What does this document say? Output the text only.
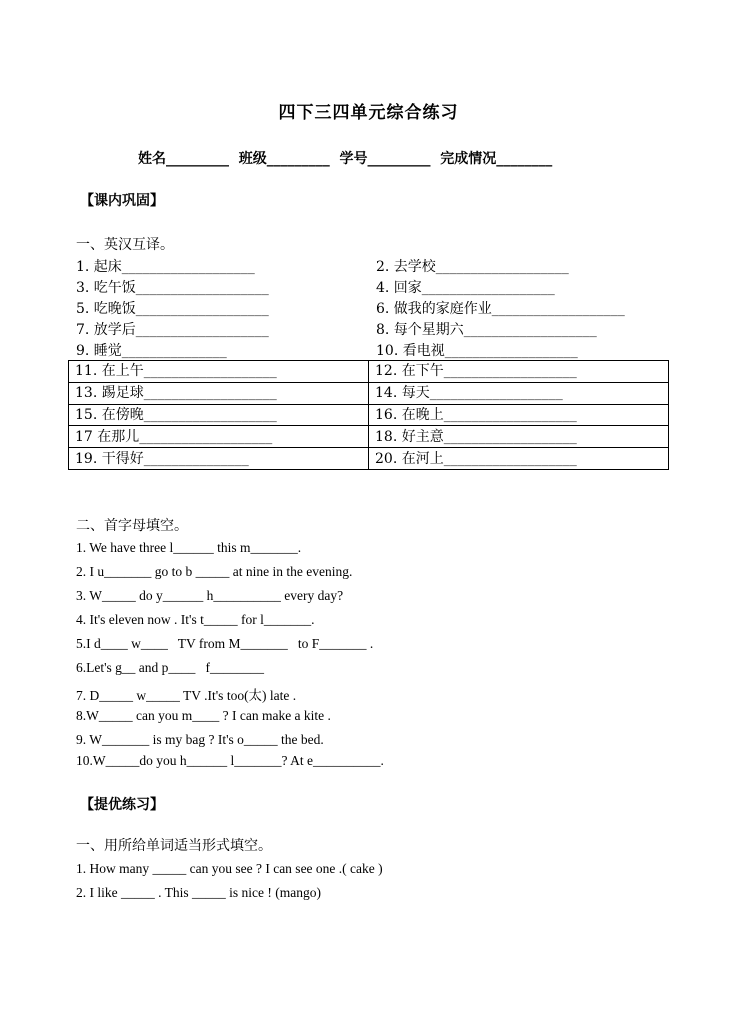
四下三四单元综合练习
姓名_________  班级_________  学号_________  完成情况________
【课内巩固】
一、英汉互译。
1. 起床___________________	2. 去学校___________________
3. 吃午饭___________________	4. 回家___________________
5. 吃晚饭___________________	6. 做我的家庭作业___________________
7. 放学后___________________	8. 每个星期六___________________
9. 睡觉_______________	10. 看电视___________________
11. 在上午___________________	12. 在下午___________________
13. 踢足球___________________	14. 每天___________________
15. 在傍晚___________________	16. 在晚上___________________
17 在那儿___________________	18. 好主意___________________
19. 干得好_______________	20. 在河上___________________
二、首字母填空。
1. We have three l______ this m_______.
2. I u_______ go to b _____ at nine in the evening.
3. W_____ do y______ h__________ every day?
4. It's eleven now . It's t_____ for l_______.
5.I d____ w____   TV from M_______   to F_______ .
6.Let's g__ and p____   f________
7. D_____ w_____ TV .It's too(太) late .
8.W_____ can you m____ ? I can make a kite .
9. W_______ is my bag ? It's o_____ the bed.
10.W_____do you h______ l_______? At e__________.
【提优练习】
一、用所给单词适当形式填空。
1. How many _____ can you see ? I can see one .( cake )
2. I like _____ . This _____ is nice ! (mango)
